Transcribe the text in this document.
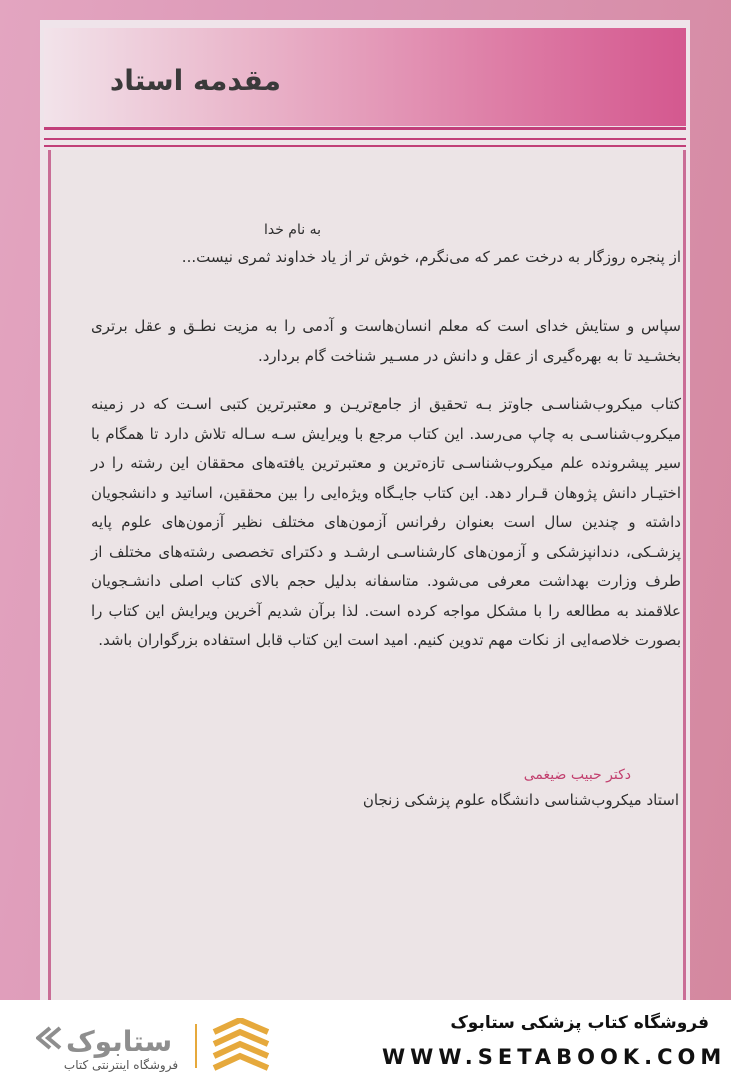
مقدمه استاد
به نام خدا
از پنجره روزگار به درخت عمر که می‌نگرم، خوش تر از یاد خداوند ثمری نیست...
سپاس و ستایش خدای است که معلم انسان‌هاست و آدمی را به مزیت نطـق و عقل برتری بخشـید تا به بهره‌گیری از عقل و دانش در مسـیر شناخت گام بردارد.
کتاب میکروب‌شناسـی جاوتز بـه تحقیق از جامع‌تریـن و معتبرترین کتبی اسـت که در زمینه میکروب‌شناسـی به چاپ می‌رسد. این کتاب مرجع با ویرایش سـه سـاله تلاش دارد تا همگام با سیر پیشرونده علم میکروب‌شناسـی تازه‌ترین و معتبرترین یافته‌های محققان این رشته را در اختیـار دانش پژوهان قـرار دهد. این کتاب جایـگاه ویژه‌ایی را بین محققین، اساتید و دانشجویان داشته و چندین سال است بعنوان رفرانس آزمون‌های مختلف نظیر آزمون‌های علوم پایه پزشـکی، دندانپزشکی و آزمون‌های کارشناسـی ارشـد و دکترای تخصصی رشته‌های مختلف از طرف وزارت بهداشت معرفی می‌شود. متاسفانه بدلیل حجم بالای کتاب اصلی دانشـجویان علاقمند به مطالعه را با مشکل مواجه کرده است. لذا برآن شدیم آخرین ویرایش این کتاب را بصورت خلاصه‌ایی از نکات مهم تدوین کنیم. امید است این کتاب قابل استفاده بزرگواران باشد.
دکتر حبیب ضیغمی
استاد میکروب‌شناسی دانشگاه علوم پزشکی زنجان
فروشگاه کتاب پزشکی ستابوک
WWW.SETABOOK.COM
ستابوک
فروشگاه اینترنتی کتاب
